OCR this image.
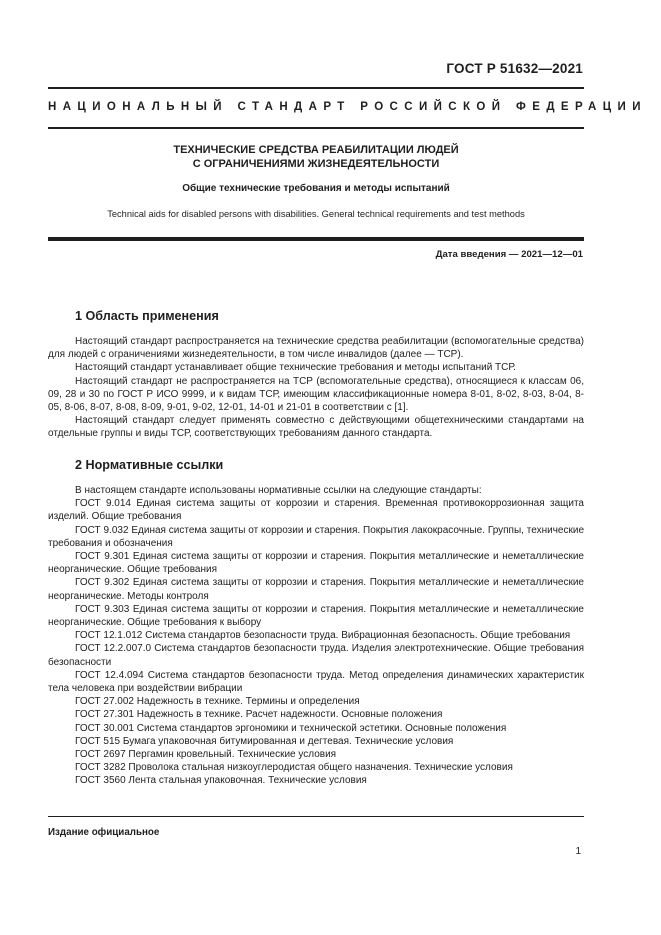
ГОСТ Р 51632—2021
НАЦИОНАЛЬНЫЙ СТАНДАРТ РОССИЙСКОЙ ФЕДЕРАЦИИ
ТЕХНИЧЕСКИЕ СРЕДСТВА РЕАБИЛИТАЦИИ ЛЮДЕЙ
С ОГРАНИЧЕНИЯМИ ЖИЗНЕДЕЯТЕЛЬНОСТИ
Общие технические требования и методы испытаний
Technical aids for disabled persons with disabilities. General technical requirements and test methods
Дата введения — 2021—12—01
1 Область применения

Настоящий стандарт распространяется на технические средства реабилитации (вспомогательные средства) для людей с ограничениями жизнедеятельности, в том числе инвалидов (далее — ТСР).

Настоящий стандарт устанавливает общие технические требования и методы испытаний ТСР.

Настоящий стандарт не распространяется на ТСР (вспомогательные средства), относящиеся к классам 06, 09, 28 и 30 по ГОСТ Р ИСО 9999, и к видам ТСР, имеющим классификационные номера 8-01, 8-02, 8-03, 8-04, 8-05, 8-06, 8-07, 8-08, 8-09, 9-01, 9-02, 12-01, 14-01 и 21-01 в соответствии с [1].

Настоящий стандарт следует применять совместно с действующими общетехническими стандартами на отдельные группы и виды ТСР, соответствующих требованиям данного стандарта.

2 Нормативные ссылки

В настоящем стандарте использованы нормативные ссылки на следующие стандарты:

ГОСТ 9.014 Единая система защиты от коррозии и старения. Временная противокоррозионная защита изделий. Общие требования

ГОСТ 9.032 Единая система защиты от коррозии и старения. Покрытия лакокрасочные. Группы, технические требования и обозначения

ГОСТ 9.301 Единая система защиты от коррозии и старения. Покрытия металлические и неметаллические неорганические. Общие требования

ГОСТ 9.302 Единая система защиты от коррозии и старения. Покрытия металлические и неметаллические неорганические. Методы контроля

ГОСТ 9.303 Единая система защиты от коррозии и старения. Покрытия металлические и неметаллические неорганические. Общие требования к выбору

ГОСТ 12.1.012 Система стандартов безопасности труда. Вибрационная безопасность. Общие требования

ГОСТ 12.2.007.0 Система стандартов безопасности труда. Изделия электротехнические. Общие требования безопасности

ГОСТ 12.4.094 Система стандартов безопасности труда. Метод определения динамических характеристик тела человека при воздействии вибрации

ГОСТ 27.002 Надежность в технике. Термины и определения

ГОСТ 27.301 Надежность в технике. Расчет надежности. Основные положения

ГОСТ 30.001 Система стандартов эргономики и технической эстетики. Основные положения

ГОСТ 515 Бумага упаковочная битумированная и дегтевая. Технические условия

ГОСТ 2697 Пергамин кровельный. Технические условия

ГОСТ 3282 Проволока стальная низкоуглеродистая общего назначения. Технические условия

ГОСТ 3560 Лента стальная упаковочная. Технические условия

Издание официальное
1
